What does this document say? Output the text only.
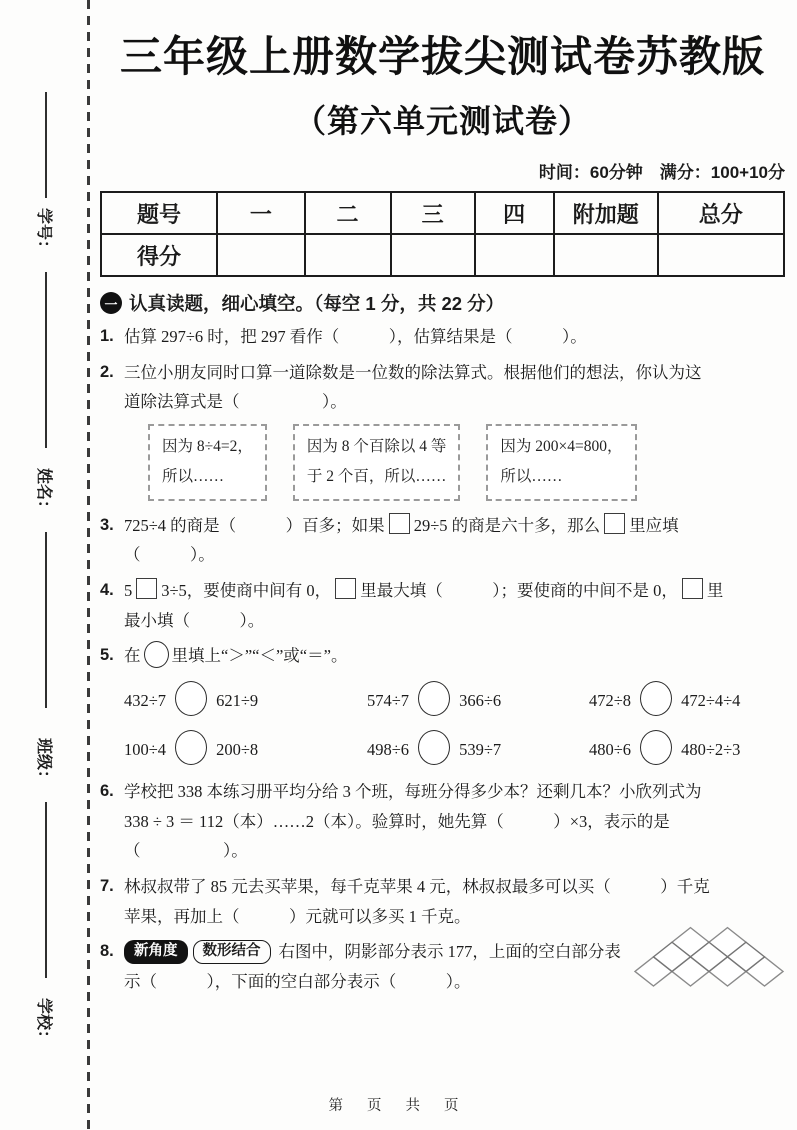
学号：
姓名：
班级：
学校：
三年级上册数学拔尖测试卷苏教版
（第六单元测试卷）
时间：60分钟　满分：100+10分
题号	一	二	三	四	附加题	总分
得分						
一 认真读题，细心填空。（每空 1 分，共 22 分）
1. 估算 297÷6 时，把 297 看作（　　　），估算结果是（　　　）。
2. 三位小朋友同时口算一道除数是一位数的除法算式。根据他们的想法，你认为这
道除法算式是（　　　　　）。
因为 8÷4=2，
所以……
因为 8 个百除以 4 等
于 2 个百，所以……
因为 200×4=800，
所以……
3. 725÷4 的商是（　　　）百多；如果 29÷5 的商是六十多，那么 里应填
（　　　）。
4. 5 3÷5，要使商中间有 0， 里最大填（　　　）；要使商的中间不是 0， 里
最小填（　　　）。
5. 在 里填上“＞”“＜”或“＝”。
432÷7	621÷9	574÷7	366÷6	472÷8	472÷4÷4
100÷4	200÷8	498÷6	539÷7	480÷6	480÷2÷3
6. 学校把 338 本练习册平均分给 3 个班，每班分得多少本？还剩几本？小欣列式为
338 ÷ 3 ＝ 112（本）……2（本）。验算时，她先算（　　　）×3，表示的是
（　　　　　）。
7. 林叔叔带了 85 元去买苹果，每千克苹果 4 元，林叔叔最多可以买（　　　）千克
苹果，再加上（　　　）元就可以多买 1 千克。
8.	新角度 数形结合 右图中，阴影部分表示 177，上面的空白部分表
示（　　　），下面的空白部分表示（　　　）。
第 页 共 页
